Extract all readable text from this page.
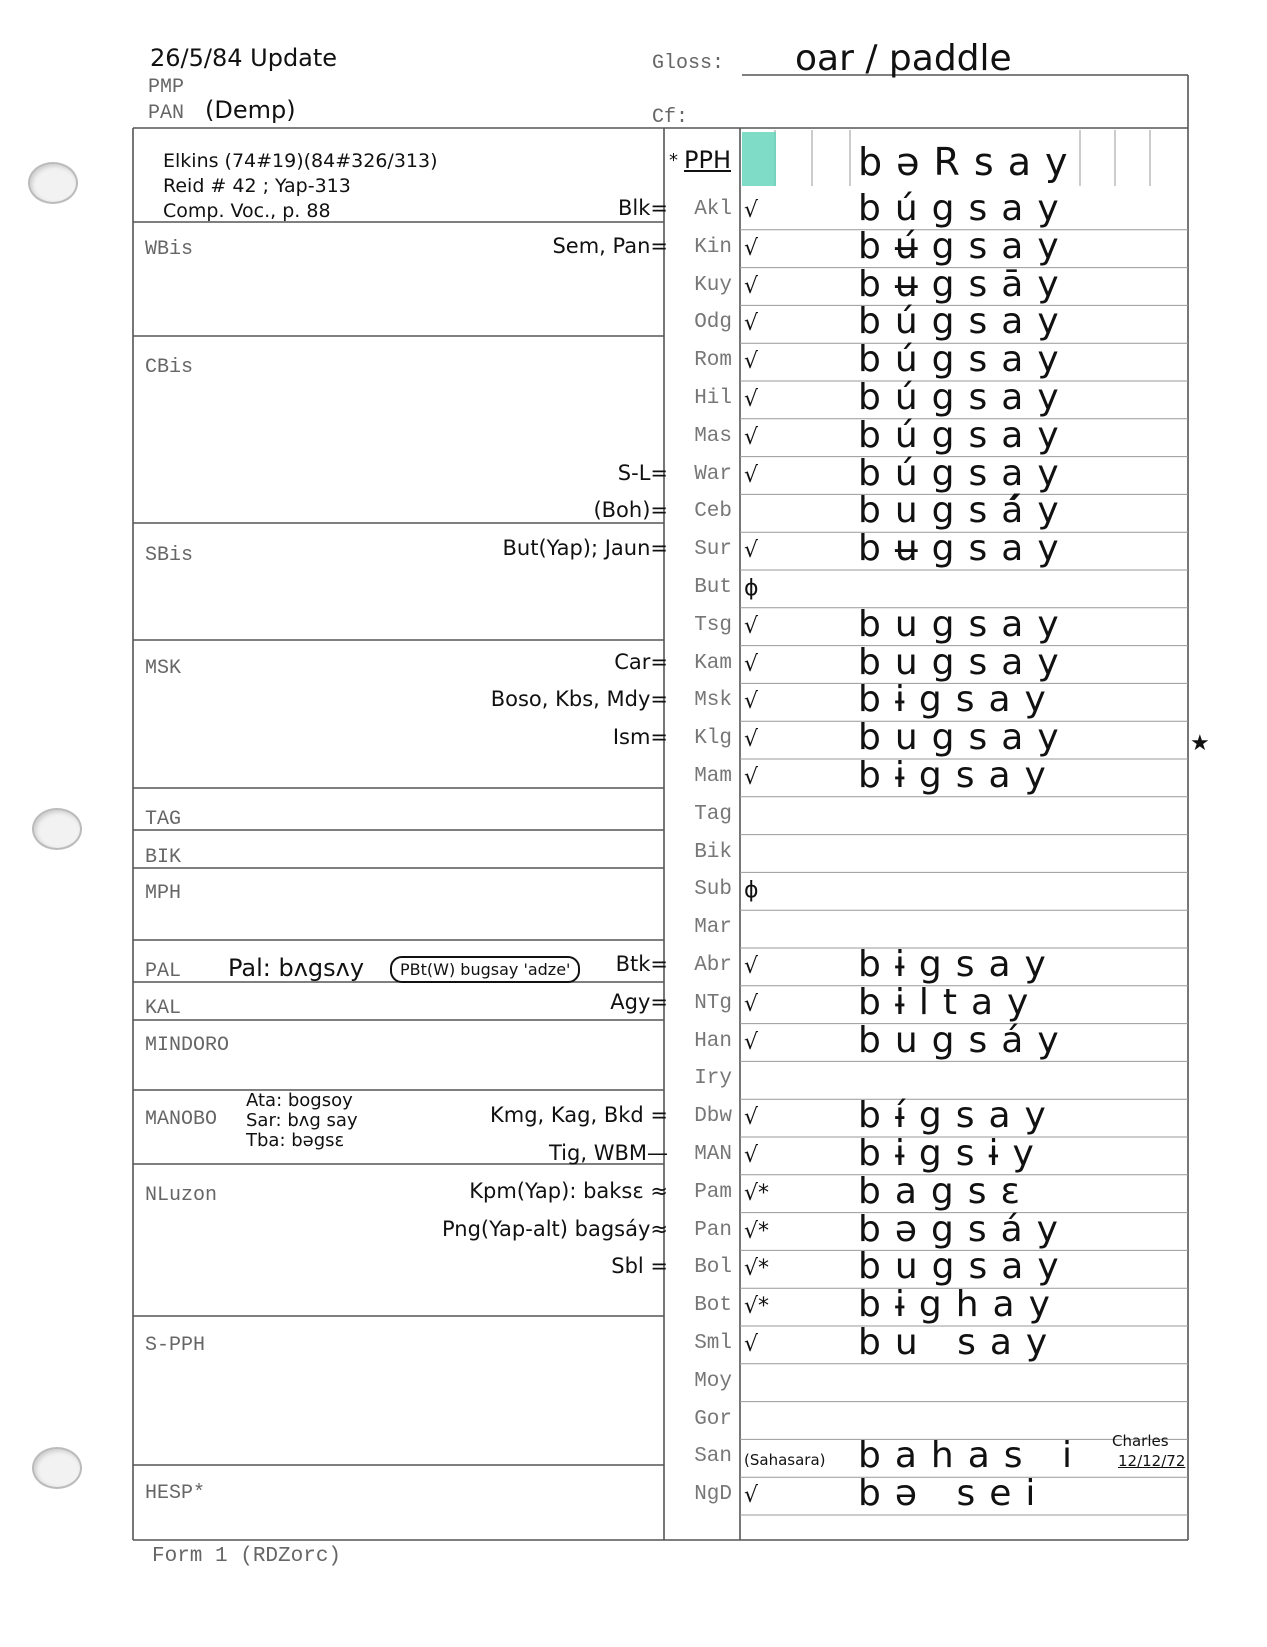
26/5/84 Update
PMP
PAN (Demp)
Gloss: oar / paddle
Cf:
Elkins (74#19)(84#326/313)
Reid # 42 ; Yap-313
Comp. Voc., p. 88
WBis
CBis
SBis
MSK
TAG
BIK
MPH
PAL
KAL
MINDORO
MANOBO
NLuzon
S-PPH
HESP*
Pal: bʌgsʌy	PBt(W) bugsay 'adze'
Ata: bogsoy
Sar: bʌg say
Tba: bəgsɛ
* PPH	bəRsay
Blk=	Akl √	búgsay
Sem, Pan=	Kin √	bʉ́gsay
Kuy √	bʉgsāy
Odg √	búgsay
Rom √	búgsay
Hil √	búgsay
Mas √	búgsay
S-L=	War √	búgsay
(Boh)=	Ceb	bugsá́y
But(Yap); Jaun=	Sur √	bʉgsay
But ϕ
Tsg √	bugsay
Car=	Kam √	bugsay
Boso, Kbs, Mdy=	Msk √	bɨgsay
Ism=	Klg √	bugsay
Mam √	bɨgsay
Tag
Bik
Sub ϕ
Mar
Btk=	Abr √	bɨgsay
Agy=	NTg √	bɨltay
Han √	bugsáy
Iry
Kmg, Kag, Bkd =	Dbw √	bɨ́gsay
Tig, WBM—	MAN √	bɨgsɨy
Kpm(Yap): baksɛ ≈	Pam √* bagsɛ
Png(Yap-alt) bagsáy≈	Pan √* bəgsáy
Sbl =	Bol √* bugsay
Bot √* bɨghay
Sml √	bu say
Moy
Gor
San (Sahasara) bahas i
NgD √	bə sei
★
Charles
12/12/72
Form 1 (RDZorc)
